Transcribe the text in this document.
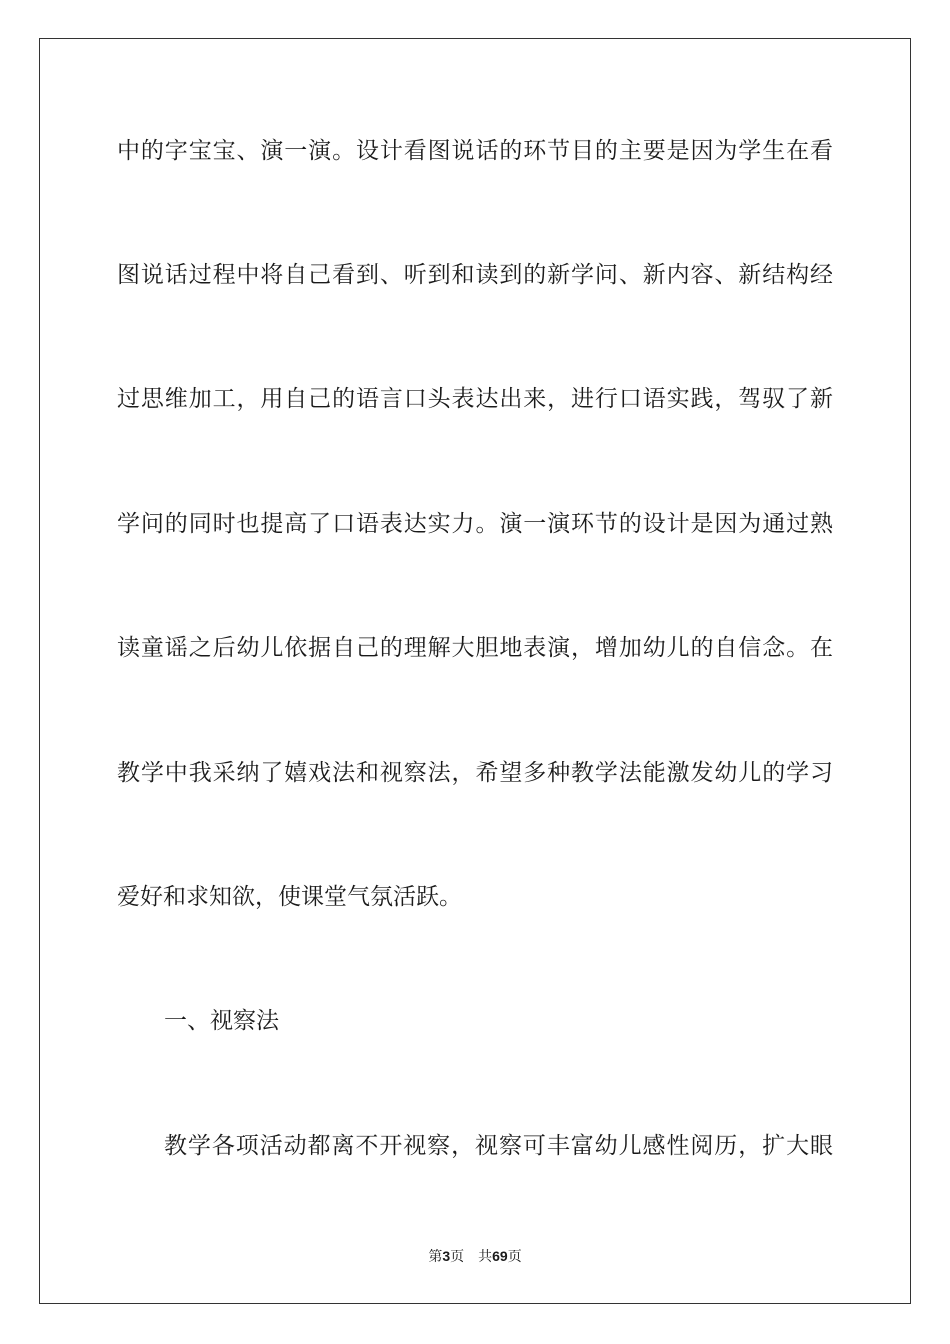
中的字宝宝、演一演。设计看图说话的环节目的主要是因为学生在看
图说话过程中将自己看到、听到和读到的新学问、新内容、新结构经
过思维加工，用自己的语言口头表达出来，进行口语实践，驾驭了新
学问的同时也提高了口语表达实力。演一演环节的设计是因为通过熟
读童谣之后幼儿依据自己的理解大胆地表演，增加幼儿的自信念。在
教学中我采纳了嬉戏法和视察法，希望多种教学法能激发幼儿的学习
爱好和求知欲，使课堂气氛活跃。
一、视察法
教学各项活动都离不开视察，视察可丰富幼儿感性阅历，扩大眼
第3页 共69页
